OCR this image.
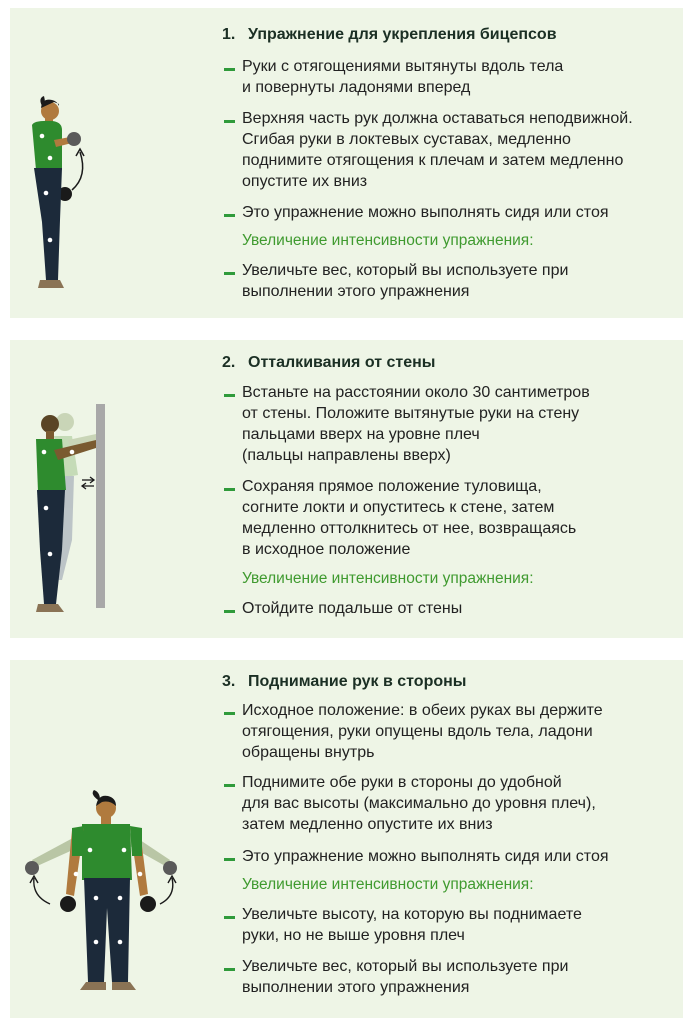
1. Упражнение для укрепления бицепсов
Руки с отягощениями вытянуты вдоль тела
и повернуты ладонями вперед
Верхняя часть рук должна оставаться неподвижной.
Сгибая руки в локтевых суставах, медленно
поднимите отягощения к плечам и затем медленно
опустите их вниз
Это упражнение можно выполнять сидя или стоя
Увеличение интенсивности упражнения:
Увеличьте вес, который вы используете при
выполнении этого упражнения
2. Отталкивания от стены
Встаньте на расстоянии около 30 сантиметров
от стены. Положите вытянутые руки на стену
пальцами вверх на уровне плеч
(пальцы направлены вверх)
Сохраняя прямое положение туловища,
согните локти и опуститесь к стене, затем
медленно оттолкнитесь от нее, возвращаясь
в исходное положение
Увеличение интенсивности упражнения:
Отойдите подальше от стены
3. Поднимание рук в стороны
Исходное положение: в обеих руках вы держите
отягощения, руки опущены вдоль тела, ладони
обращены внутрь
Поднимите обе руки в стороны до удобной
для вас высоты (максимально до уровня плеч),
затем медленно опустите их вниз
Это упражнение можно выполнять сидя или стоя
Увеличение интенсивности упражнения:
Увеличьте высоту, на которую вы поднимаете
руки, но не выше уровня плеч
Увеличьте вес, который вы используете при
выполнении этого упражнения
